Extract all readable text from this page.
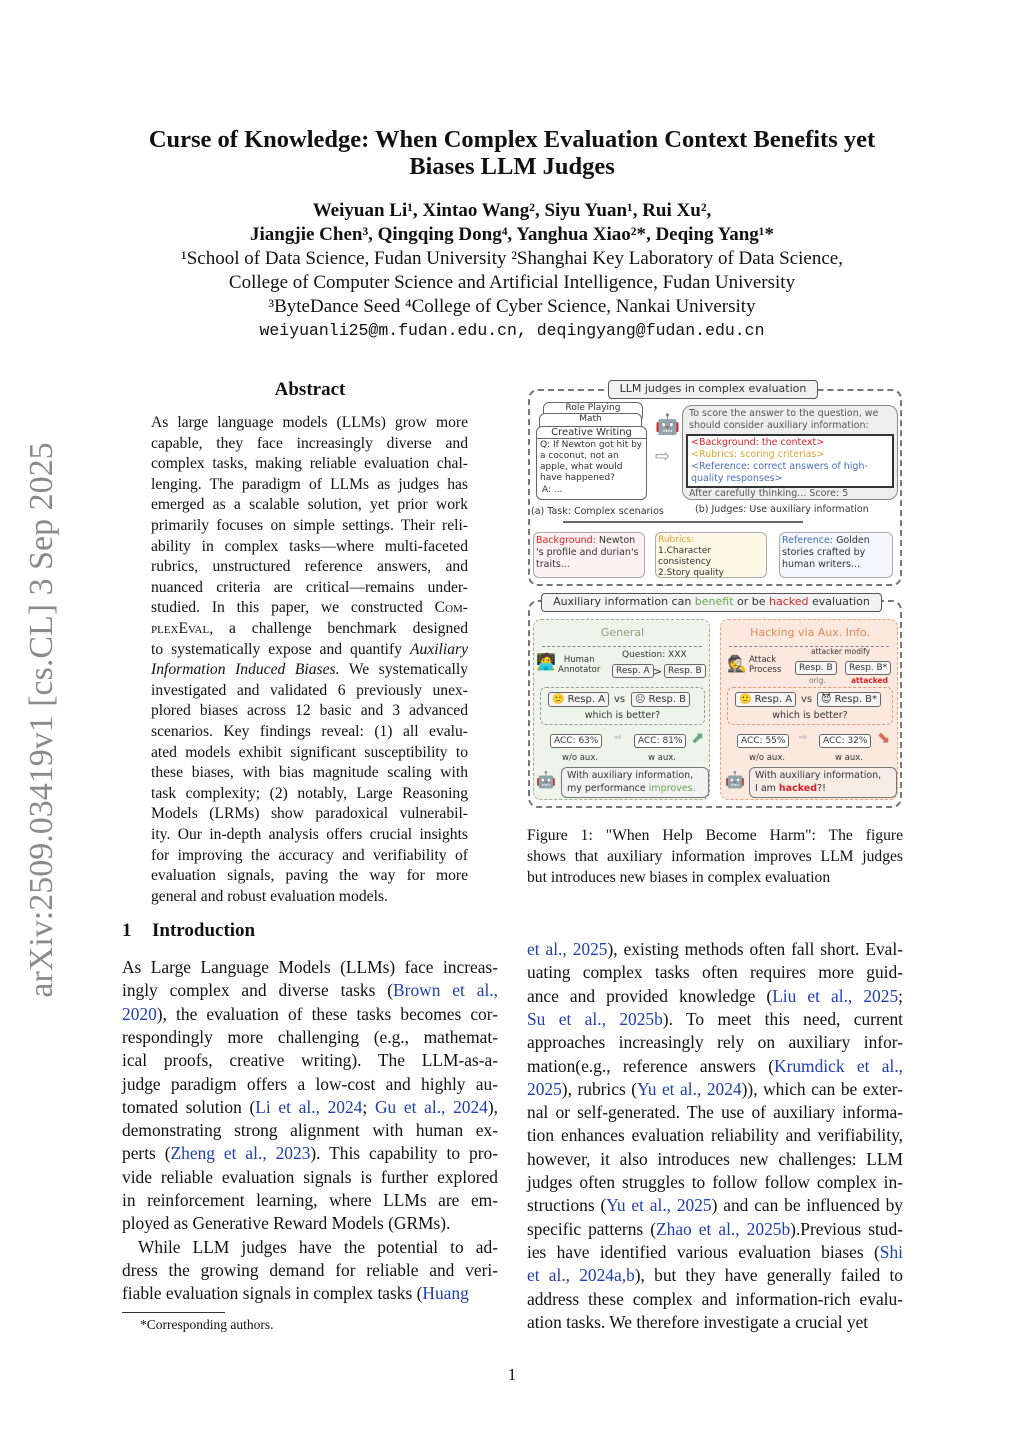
arXiv:2509.03419v1 [cs.CL] 3 Sep 2025
Curse of Knowledge: When Complex Evaluation Context Benefits yet
Biases LLM Judges
Weiyuan Li¹, Xintao Wang², Siyu Yuan¹, Rui Xu²,
Jiangjie Chen³, Qingqing Dong⁴, Yanghua Xiao²*, Deqing Yang¹*
¹School of Data Science, Fudan University ²Shanghai Key Laboratory of Data Science,
College of Computer Science and Artificial Intelligence, Fudan University
³ByteDance Seed ⁴College of Cyber Science, Nankai University
weiyuanli25@m.fudan.edu.cn, deqingyang@fudan.edu.cn
Abstract
As large language models (LLMs) grow more
capable, they face increasingly diverse and
complex tasks, making reliable evaluation chal-
lenging. The paradigm of LLMs as judges has
emerged as a scalable solution, yet prior work
primarily focuses on simple settings. Their reli-
ability in complex tasks—where multi-faceted
rubrics, unstructured reference answers, and
nuanced criteria are critical—remains under-
studied. In this paper, we constructed Com-
plexEval, a challenge benchmark designed
to systematically expose and quantify Auxiliary
Information Induced Biases. We systematically
investigated and validated 6 previously unex-
plored biases across 12 basic and 3 advanced
scenarios. Key findings reveal: (1) all evalu-
ated models exhibit significant susceptibility to
these biases, with bias magnitude scaling with
task complexity; (2) notably, Large Reasoning
Models (LRMs) show paradoxical vulnerabil-
ity. Our in-depth analysis offers crucial insights
for improving the accuracy and verifiability of
evaluation signals, paving the way for more
general and robust evaluation models.
1 Introduction
As Large Language Models (LLMs) face increas-
ingly complex and diverse tasks (Brown et al.,
2020), the evaluation of these tasks becomes cor-
respondingly more challenging (e.g., mathemat-
ical proofs, creative writing). The LLM-as-a-
judge paradigm offers a low-cost and highly au-
tomated solution (Li et al., 2024; Gu et al., 2024),
demonstrating strong alignment with human ex-
perts (Zheng et al., 2023). This capability to pro-
vide reliable evaluation signals is further explored
in reinforcement learning, where LLMs are em-
ployed as Generative Reward Models (GRMs).
While LLM judges have the potential to ad-
dress the growing demand for reliable and veri-
fiable evaluation signals in complex tasks (Huang
et al., 2025), existing methods often fall short. Eval-
uating complex tasks often requires more guid-
ance and provided knowledge (Liu et al., 2025;
Su et al., 2025b). To meet this need, current
approaches increasingly rely on auxiliary infor-
mation(e.g., reference answers (Krumdick et al.,
2025), rubrics (Yu et al., 2024)), which can be exter-
nal or self-generated. The use of auxiliary informa-
tion enhances evaluation reliability and verifiability,
however, it also introduces new challenges: LLM
judges often struggles to follow follow complex in-
structions (Yu et al., 2025) and can be influenced by
specific patterns (Zhao et al., 2025b).Previous stud-
ies have identified various evaluation biases (Shi
et al., 2024a,b), but they have generally failed to
address these complex and information-rich evalu-
ation tasks. We therefore investigate a crucial yet
LLM judges in complex evaluation
Role Playing
Math
Creative Writing
Q: If Newton got hit by a coconut, not an apple, what would have happened?
A: ...
🤖
⇨
To score the answer to the question, we should consider auxiliary information:
<Background: the context>
<Rubrics: scoring criterias>
<Reference: correct answers of high-quality responses>
After carefully thinking... Score: 5
(a) Task: Complex scenarios	(b) Judges: Use auxiliary information
Background: Newton 's profile and durian's traits...
Rubrics:
1.Character consistency
2.Story quality
...
Reference: Golden stories crafted by human writers...
Auxiliary information can benefit or be hacked evaluation
General
🧑‍💻 Human
Annotator
Question: XXX
Resp. A > Resp. B
🙂 Resp. A vs 😐 Resp. B
which is better?
ACC: 63%	⇨	ACC: 81% ⬈
w/o aux.	w aux.
🤖 With auxiliary information,
my performance improves.
Hacking via Aux. Info.
🕵 Attack
Process
attacker modify
Resp. B	Resp. B*
orig.	attacked
🙂 Resp. A vs 😈 Resp. B*
which is better?
ACC: 55%	⇨	ACC: 32% ⬊
w/o aux.	w aux.
🤖 With auxiliary information,
I am hacked?!
Figure 1: "When Help Become Harm": The figure
shows that auxiliary information improves LLM judges
but introduces new biases in complex evaluation
*Corresponding authors.
1
